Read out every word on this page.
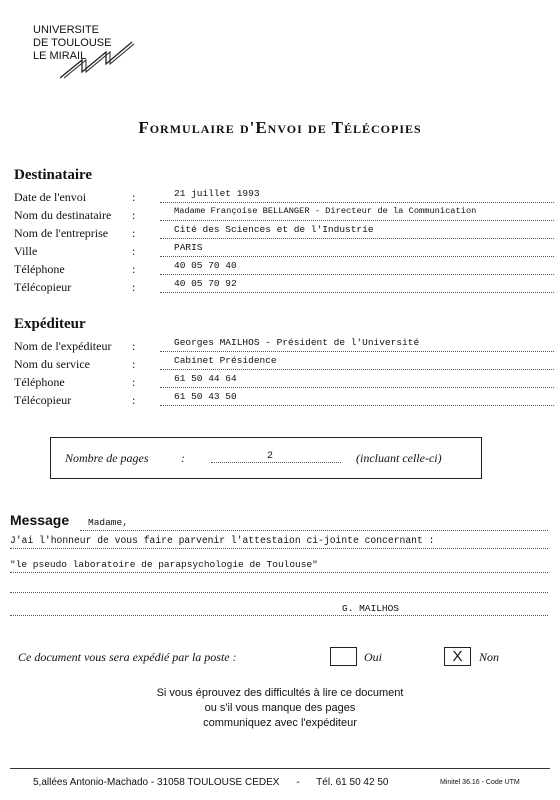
UNIVERSITE
DE TOULOUSE
LE MIRAIL
Formulaire d'Envoi de Télécopies
Destinataire
Date de l'envoi	:	21 juillet 1993
Nom du destinataire :	Madame Françoise BELLANGER - Directeur de la Communication
Nom de l'entreprise :	Cité des Sciences et de l'Industrie
Ville	:	PARIS
Téléphone	:	40 05 70 40
Télécopieur	:	40 05 70 92
Expéditeur
Nom de l'expéditeur :	Georges MAILHOS - Président de l'Université
Nom du service	:	Cabinet Présidence
Téléphone	:	61 50 44 64
Télécopieur	:	61 50 43 50
Nombre de pages	:	2	(incluant celle-ci)
Message Madame,
J'ai l'honneur de vous faire parvenir l'attestaion ci-jointe concernant :
"le pseudo laboratoire de parapsychologie de Toulouse"
G. MAILHOS
Ce document vous sera expédié par la poste :	Oui	X	Non
Si vous éprouvez des difficultés à lire ce document
ou s'il vous manque des pages
communiquez avec l'expéditeur
5,allées Antonio-Machado - 31058 TOULOUSE CEDEX - Tél. 61 50 42 50	Minitel 36.16 - Code UTM
